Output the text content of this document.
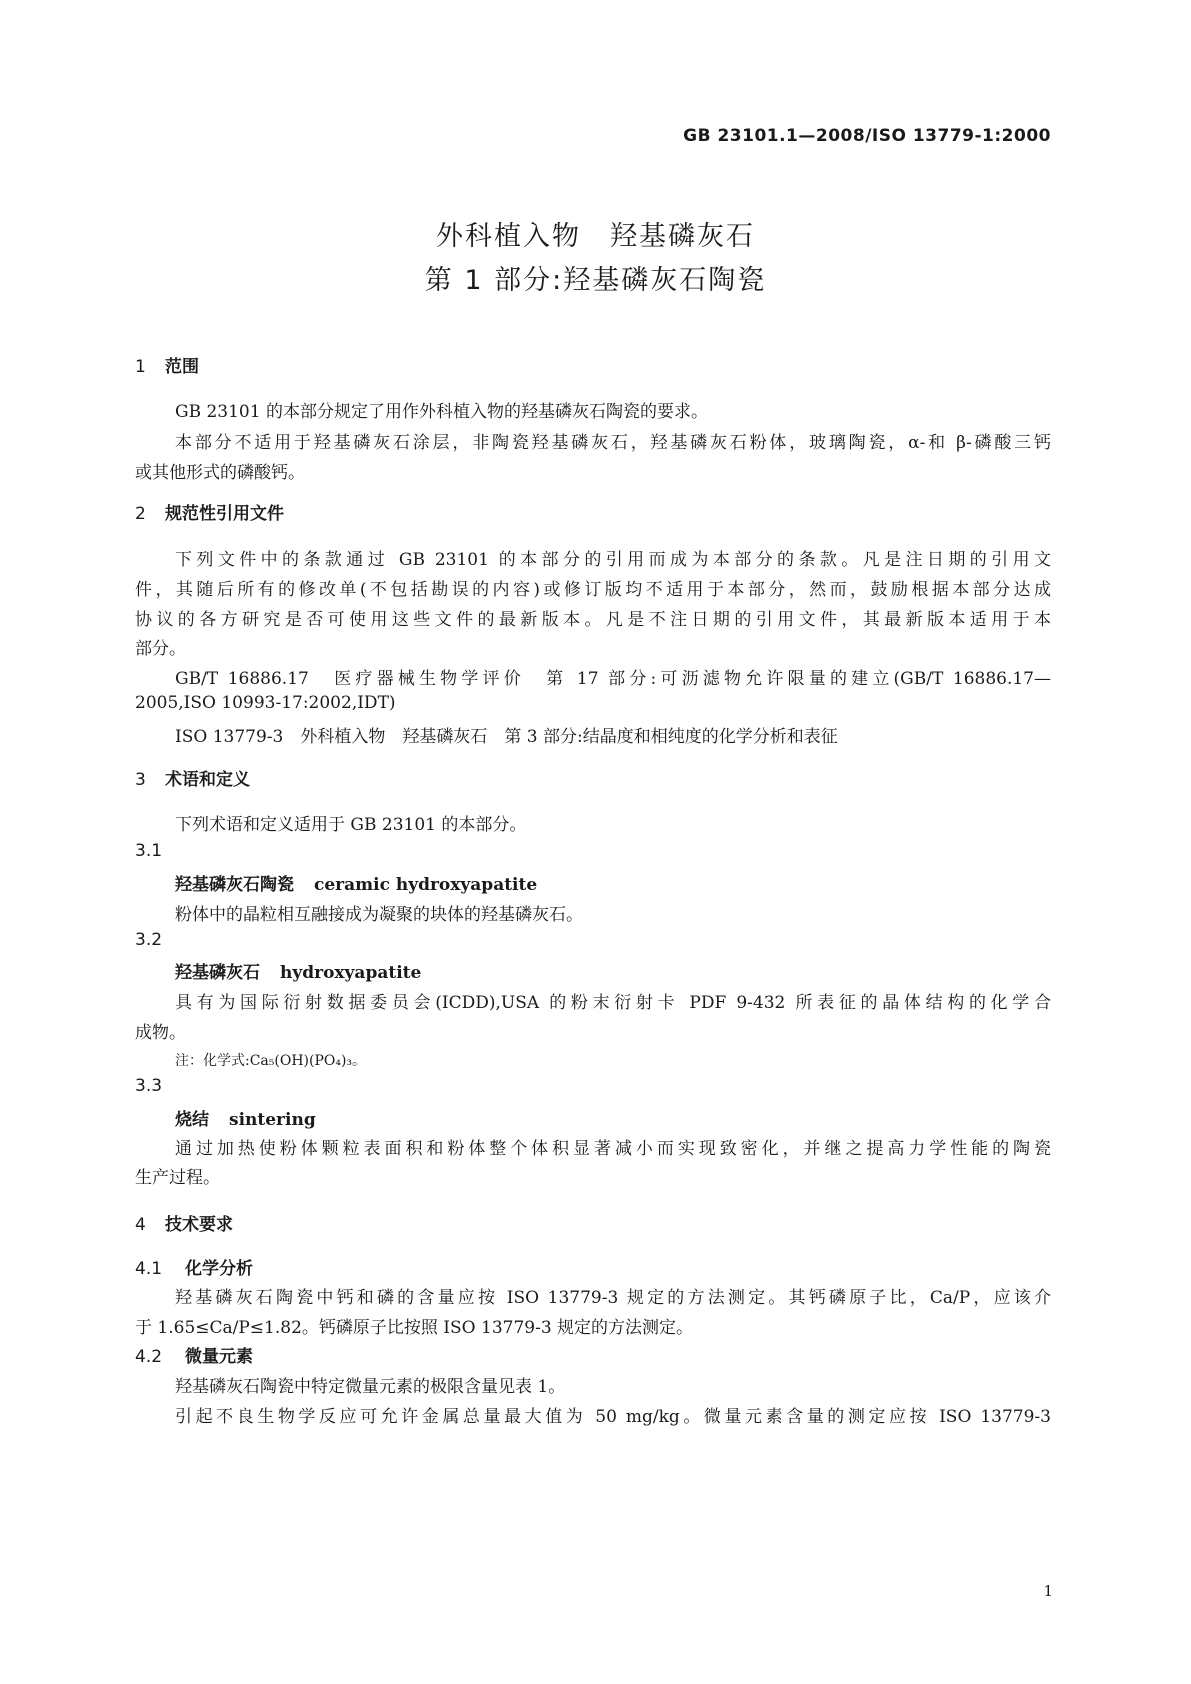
GB 23101.1—2008/ISO 13779-1:2000
外科植入物　羟基磷灰石
第 1 部分:羟基磷灰石陶瓷
1 范围
GB 23101 的本部分规定了用作外科植入物的羟基磷灰石陶瓷的要求。
本部分不适用于羟基磷灰石涂层，非陶瓷羟基磷灰石，羟基磷灰石粉体，玻璃陶瓷，α-和 β-磷酸三钙
或其他形式的磷酸钙。
2 规范性引用文件
下列文件中的条款通过 GB 23101 的本部分的引用而成为本部分的条款。凡是注日期的引用文
件，其随后所有的修改单(不包括勘误的内容)或修订版均不适用于本部分，然而，鼓励根据本部分达成
协议的各方研究是否可使用这些文件的最新版本。凡是不注日期的引用文件，其最新版本适用于本
部分。
GB/T 16886.17　医疗器械生物学评价　第 17 部分:可沥滤物允许限量的建立(GB/T 16886.17—
2005,ISO 10993-17:2002,IDT)
ISO 13779-3　外科植入物　羟基磷灰石　第 3 部分:结晶度和相纯度的化学分析和表征
3 术语和定义
下列术语和定义适用于 GB 23101 的本部分。
3.1
羟基磷灰石陶瓷 ceramic hydroxyapatite
粉体中的晶粒相互融接成为凝聚的块体的羟基磷灰石。
3.2
羟基磷灰石 hydroxyapatite
具有为国际衍射数据委员会(ICDD),USA 的粉末衍射卡 PDF 9-432 所表征的晶体结构的化学合
成物。
注：化学式:Ca₅(OH)(PO₄)₃。
3.3
烧结 sintering
通过加热使粉体颗粒表面积和粉体整个体积显著减小而实现致密化，并继之提高力学性能的陶瓷
生产过程。
4 技术要求
4.1 化学分析
羟基磷灰石陶瓷中钙和磷的含量应按 ISO 13779-3 规定的方法测定。其钙磷原子比，Ca/P，应该介
于 1.65≤Ca/P≤1.82。钙磷原子比按照 ISO 13779-3 规定的方法测定。
4.2 微量元素
羟基磷灰石陶瓷中特定微量元素的极限含量见表 1。
引起不良生物学反应可允许金属总量最大值为 50 mg/kg。微量元素含量的测定应按 ISO 13779-3
1
